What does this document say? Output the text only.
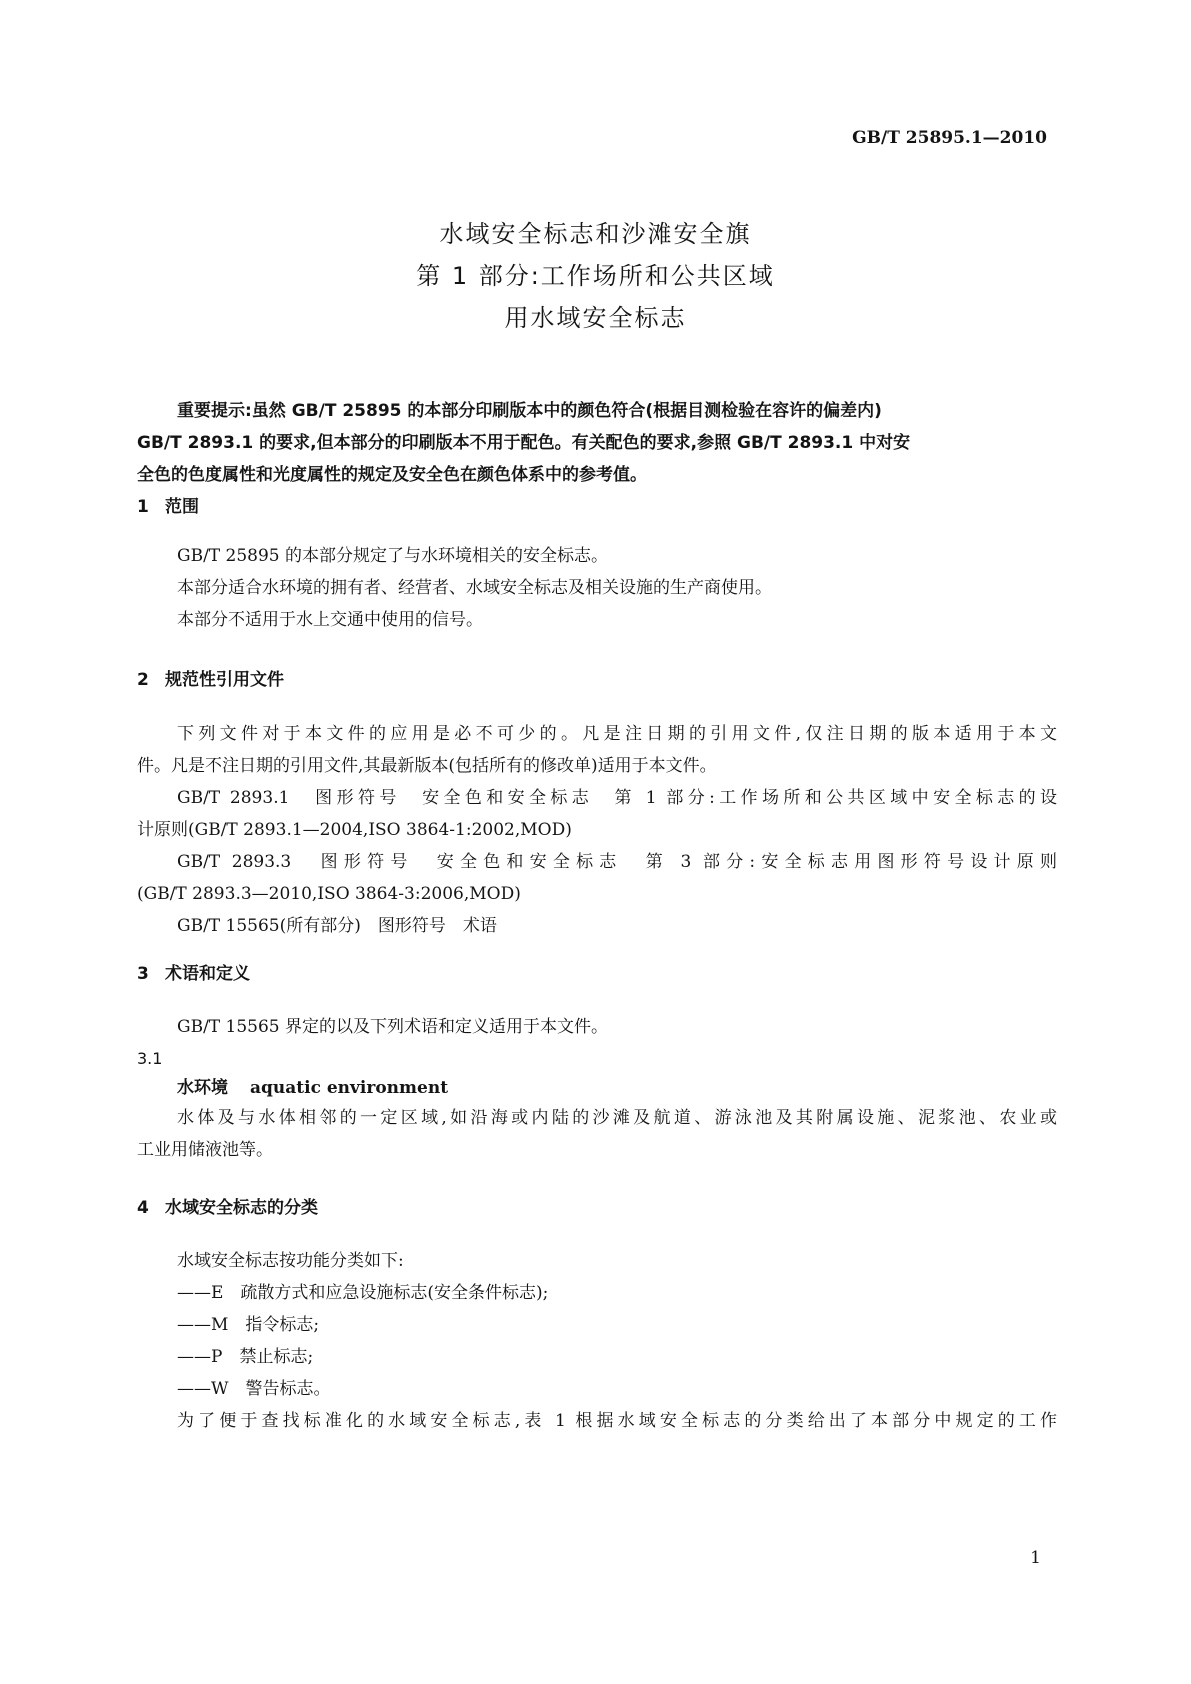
GB/T 25895.1—2010
水域安全标志和沙滩安全旗
第 1 部分:工作场所和公共区域
用水域安全标志

重要提示:虽然 GB/T 25895 的本部分印刷版本中的颜色符合(根据目测检验在容许的偏差内)

GB/T 2893.1 的要求,但本部分的印刷版本不用于配色。有关配色的要求,参照 GB/T 2893.1 中对安

全色的色度属性和光度属性的规定及安全色在颜色体系中的参考值。

1 范围

GB/T 25895 的本部分规定了与水环境相关的安全标志。

本部分适合水环境的拥有者、经营者、水域安全标志及相关设施的生产商使用。

本部分不适用于水上交通中使用的信号。

2 规范性引用文件

下列文件对于本文件的应用是必不可少的。凡是注日期的引用文件,仅注日期的版本适用于本文

件。凡是不注日期的引用文件,其最新版本(包括所有的修改单)适用于本文件。

GB/T 2893.1　图形符号　安全色和安全标志　第 1 部分:工作场所和公共区域中安全标志的设

计原则(GB/T 2893.1—2004,ISO 3864-1:2002,MOD)

GB/T 2893.3　图形符号　安全色和安全标志　第 3 部分:安全标志用图形符号设计原则

(GB/T 2893.3—2010,ISO 3864-3:2006,MOD)

GB/T 15565(所有部分)　图形符号　术语

3 术语和定义

GB/T 15565 界定的以及下列术语和定义适用于本文件。

3.1

水环境 aquatic environment

水体及与水体相邻的一定区域,如沿海或内陆的沙滩及航道、游泳池及其附属设施、泥浆池、农业或

工业用储液池等。

4 水域安全标志的分类

水域安全标志按功能分类如下:

——E　疏散方式和应急设施标志(安全条件标志);

——M　指令标志;

——P　禁止标志;

——W　警告标志。

为了便于查找标准化的水域安全标志,表 1 根据水域安全标志的分类给出了本部分中规定的工作

1
